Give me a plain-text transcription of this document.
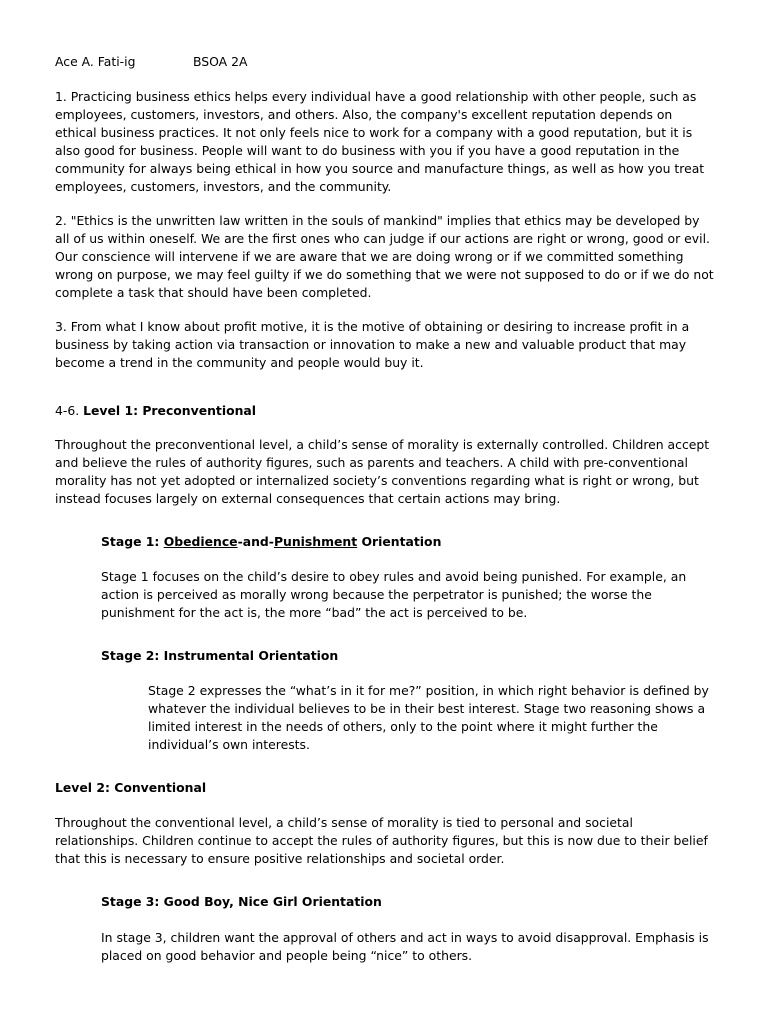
Ace A. Fati-ig	BSOA 2A

1. Practicing business ethics helps every individual have a good relationship with other people, such as employees, customers, investors, and others. Also, the company's excellent reputation depends on ethical business practices. It not only feels nice to work for a company with a good reputation, but it is also good for business. People will want to do business with you if you have a good reputation in the community for always being ethical in how you source and manufacture things, as well as how you treat employees, customers, investors, and the community.

2. "Ethics is the unwritten law written in the souls of mankind" implies that ethics may be developed by all of us within oneself. We are the first ones who can judge if our actions are right or wrong, good or evil. Our conscience will intervene if we are aware that we are doing wrong or if we committed something wrong on purpose, we may feel guilty if we do something that we were not supposed to do or if we do not complete a task that should have been completed.

3. From what I know about profit motive, it is the motive of obtaining or desiring to increase profit in a business by taking action via transaction or innovation to make a new and valuable product that may become a trend in the community and people would buy it.

4-6. Level 1: Preconventional

Throughout the preconventional level, a child’s sense of morality is externally controlled. Children accept and believe the rules of authority figures, such as parents and teachers. A child with pre-conventional morality has not yet adopted or internalized society’s conventions regarding what is right or wrong, but instead focuses largely on external consequences that certain actions may bring.

Stage 1: Obedience-and-Punishment Orientation

Stage 1 focuses on the child’s desire to obey rules and avoid being punished. For example, an action is perceived as morally wrong because the perpetrator is punished; the worse the punishment for the act is, the more “bad” the act is perceived to be.

Stage 2: Instrumental Orientation

Stage 2 expresses the “what’s in it for me?” position, in which right behavior is defined by whatever the individual believes to be in their best interest. Stage two reasoning shows a limited interest in the needs of others, only to the point where it might further the individual’s own interests.

Level 2: Conventional

Throughout the conventional level, a child’s sense of morality is tied to personal and societal relationships. Children continue to accept the rules of authority figures, but this is now due to their belief that this is necessary to ensure positive relationships and societal order.

Stage 3: Good Boy, Nice Girl Orientation

In stage 3, children want the approval of others and act in ways to avoid disapproval. Emphasis is placed on good behavior and people being “nice” to others.
